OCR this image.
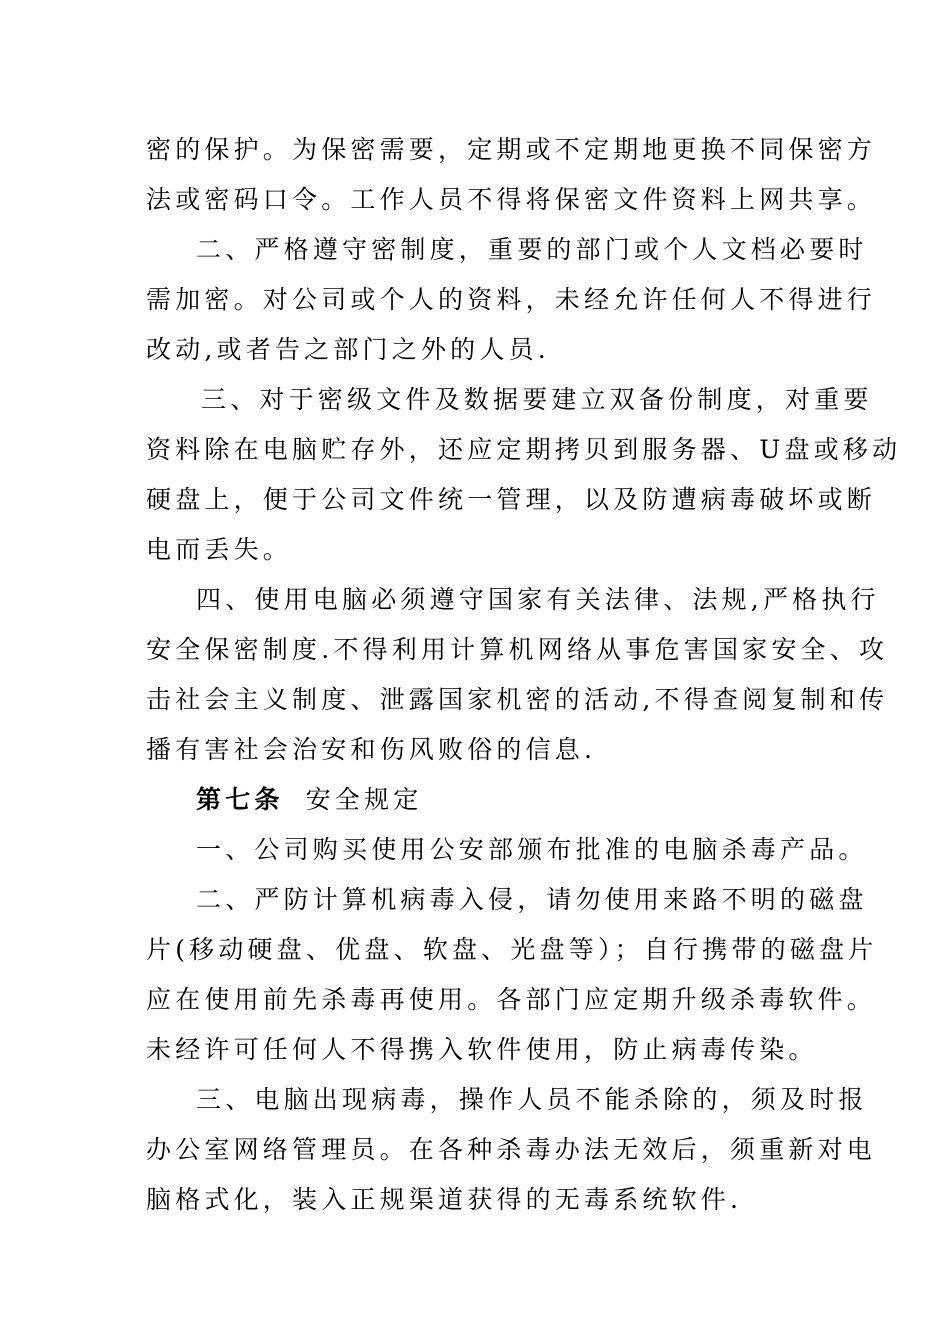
密的保护。为保密需要，定期或不定期地更换不同保密方
法或密码口令。工作人员不得将保密文件资料上网共享。
二、严格遵守密制度，重要的部门或个人文档必要时
需加密。对公司或个人的资料，未经允许任何人不得进行
改动,或者告之部门之外的人员.
三、对于密级文件及数据要建立双备份制度，对重要
资料除在电脑贮存外，还应定期拷贝到服务器、U盘或移动
硬盘上，便于公司文件统一管理，以及防遭病毒破坏或断
电而丢失。
四、使用电脑必须遵守国家有关法律、法规,严格执行
安全保密制度.不得利用计算机网络从事危害国家安全、攻
击社会主义制度、泄露国家机密的活动,不得查阅复制和传
播有害社会治安和伤风败俗的信息.
第七条 安全规定
一、公司购买使用公安部颁布批准的电脑杀毒产品。
二、严防计算机病毒入侵，请勿使用来路不明的磁盘
片(移动硬盘、优盘、软盘、光盘等）；自行携带的磁盘片
应在使用前先杀毒再使用。各部门应定期升级杀毒软件。
未经许可任何人不得携入软件使用，防止病毒传染。
三、电脑出现病毒，操作人员不能杀除的，须及时报
办公室网络管理员。在各种杀毒办法无效后，须重新对电
脑格式化，装入正规渠道获得的无毒系统软件.
